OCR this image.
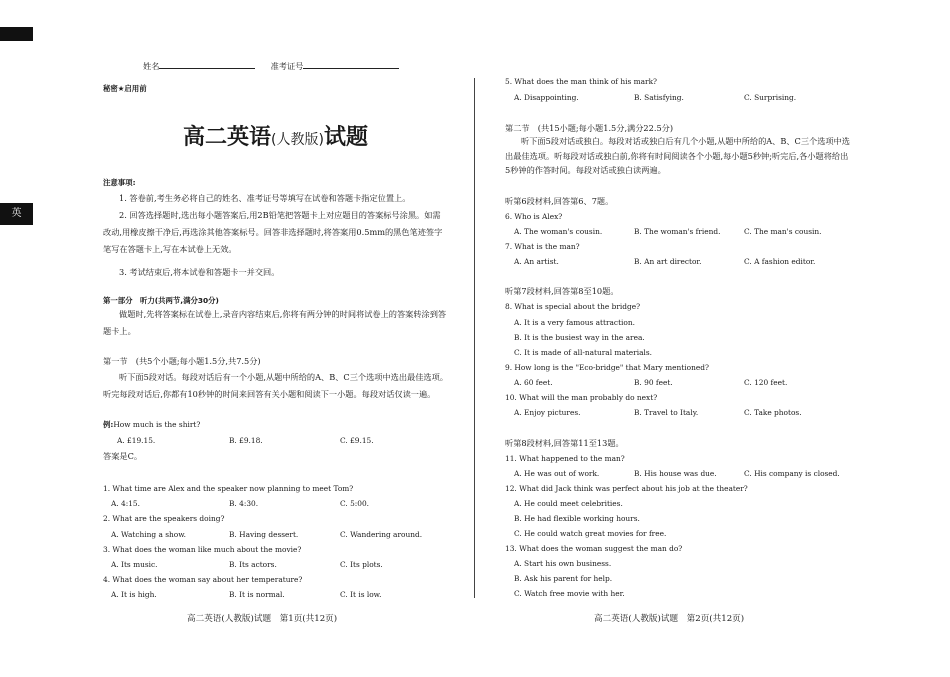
英
姓名	准考证号
秘密★启用前
高二英语(人教版)试题
注意事项:
1. 答卷前,考生务必将自己的姓名、准考证号等填写在试卷和答题卡指定位置上。
2. 回答选择题时,选出每小题答案后,用2B铅笔把答题卡上对应题目的答案标号涂黑。如需改动,用橡皮擦干净后,再选涂其他答案标号。回答非选择题时,将答案用0.5mm的黑色笔迹签字笔写在答题卡上,写在本试卷上无效。
3. 考试结束后,将本试卷和答题卡一并交回。
第一部分　听力(共两节,满分30分)
做题时,先将答案标在试卷上,录音内容结束后,你将有两分钟的时间将试卷上的答案转涂到答题卡上。
第一节　(共5个小题;每小题1.5分,共7.5分)
听下面5段对话。每段对话后有一个小题,从题中所给的A、B、C三个选项中选出最佳选项。听完每段对话后,你都有10秒钟的时间来回答有关小题和阅读下一小题。每段对话仅读一遍。
例:How much is the shirt?
A. £19.15.	B. £9.18.	C. £9.15.
答案是C。
1. What time are Alex and the speaker now planning to meet Tom?
A. 4:15.	B. 4:30.	C. 5:00.
2. What are the speakers doing?
A. Watching a show.	B. Having dessert.	C. Wandering around.
3. What does the woman like much about the movie?
A. Its music.	B. Its actors.	C. Its plots.
4. What does the woman say about her temperature?
A. It is high.	B. It is normal.	C. It is low.
高二英语(人教版)试题　第1页(共12页)
5. What does the man think of his mark?
A. Disappointing.	B. Satisfying.	C. Surprising.
第二节　(共15小题;每小题1.5分,满分22.5分)
听下面5段对话或独白。每段对话或独白后有几个小题,从题中所给的A、B、C三个选项中选出最佳选项。听每段对话或独白前,你将有时间阅读各个小题,每小题5秒钟;听完后,各小题将给出5秒钟的作答时间。每段对话或独白读两遍。
听第6段材料,回答第6、7题。
6. Who is Alex?
A. The woman's cousin.	B. The woman's friend.	C. The man's cousin.
7. What is the man?
A. An artist.	B. An art director.	C. A fashion editor.
听第7段材料,回答第8至10题。
8. What is special about the bridge?
A. It is a very famous attraction.
B. It is the busiest way in the area.
C. It is made of all-natural materials.
9. How long is the "Eco-bridge" that Mary mentioned?
A. 60 feet.	B. 90 feet.	C. 120 feet.
10. What will the man probably do next?
A. Enjoy pictures.	B. Travel to Italy.	C. Take photos.
听第8段材料,回答第11至13题。
11. What happened to the man?
A. He was out of work.	B. His house was due.	C. His company is closed.
12. What did Jack think was perfect about his job at the theater?
A. He could meet celebrities.
B. He had flexible working hours.
C. He could watch great movies for free.
13. What does the woman suggest the man do?
A. Start his own business.
B. Ask his parent for help.
C. Watch free movie with her.
高二英语(人教版)试题　第2页(共12页)
